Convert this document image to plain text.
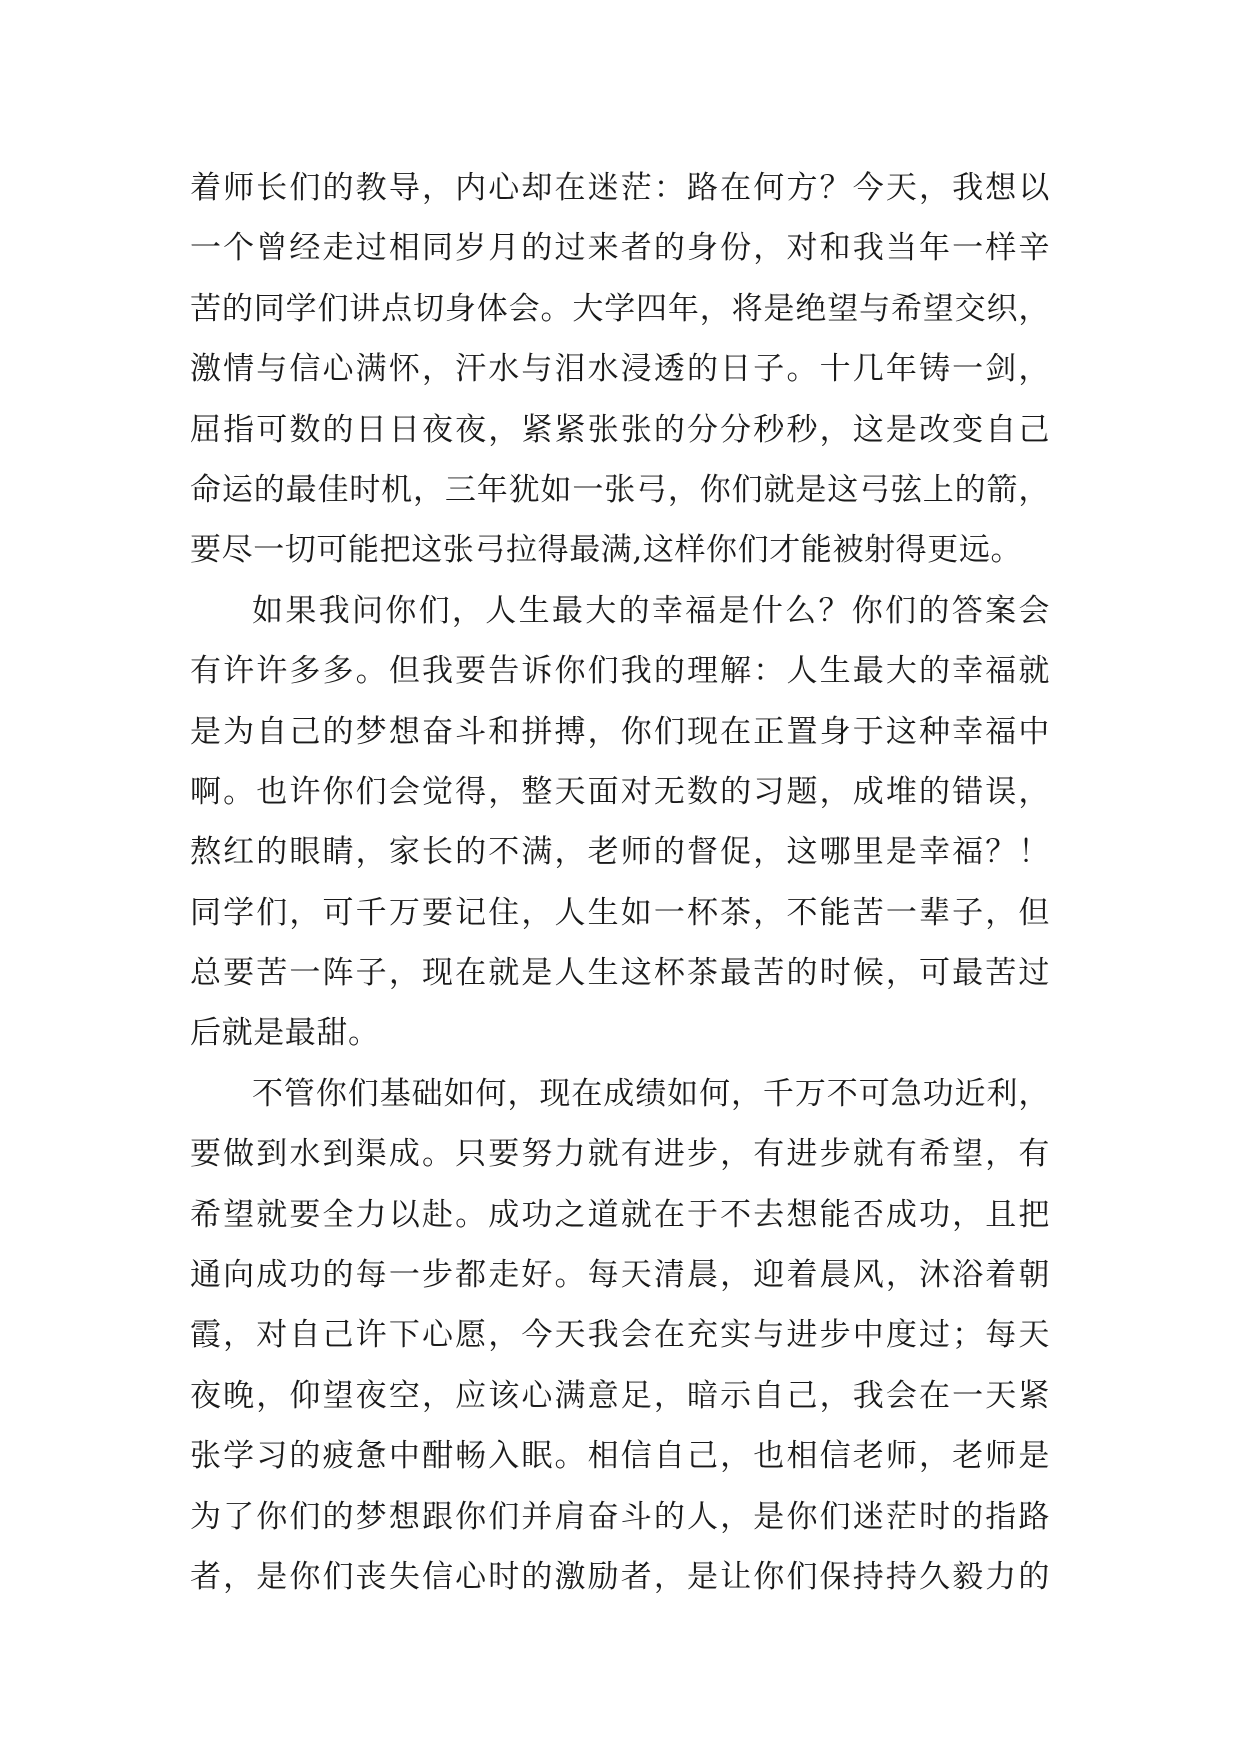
着师长们的教导，内心却在迷茫：路在何方？今天，我想以
一个曾经走过相同岁月的过来者的身份，对和我当年一样辛
苦的同学们讲点切身体会。大学四年，将是绝望与希望交织，
激情与信心满怀，汗水与泪水浸透的日子。十几年铸一剑，
屈指可数的日日夜夜，紧紧张张的分分秒秒，这是改变自己
命运的最佳时机，三年犹如一张弓，你们就是这弓弦上的箭，
要尽一切可能把这张弓拉得最满,这样你们才能被射得更远。
如果我问你们，人生最大的幸福是什么？你们的答案会
有许许多多。但我要告诉你们我的理解：人生最大的幸福就
是为自己的梦想奋斗和拼搏，你们现在正置身于这种幸福中
啊。也许你们会觉得，整天面对无数的习题，成堆的错误，
熬红的眼睛，家长的不满，老师的督促，这哪里是幸福？！
同学们，可千万要记住，人生如一杯茶，不能苦一辈子，但
总要苦一阵子，现在就是人生这杯茶最苦的时候，可最苦过
后就是最甜。
不管你们基础如何，现在成绩如何，千万不可急功近利，
要做到水到渠成。只要努力就有进步，有进步就有希望，有
希望就要全力以赴。成功之道就在于不去想能否成功，且把
通向成功的每一步都走好。每天清晨，迎着晨风，沐浴着朝
霞，对自己许下心愿，今天我会在充实与进步中度过；每天
夜晚，仰望夜空，应该心满意足，暗示自己，我会在一天紧
张学习的疲惫中酣畅入眠。相信自己，也相信老师，老师是
为了你们的梦想跟你们并肩奋斗的人，是你们迷茫时的指路
者，是你们丧失信心时的激励者，是让你们保持持久毅力的
